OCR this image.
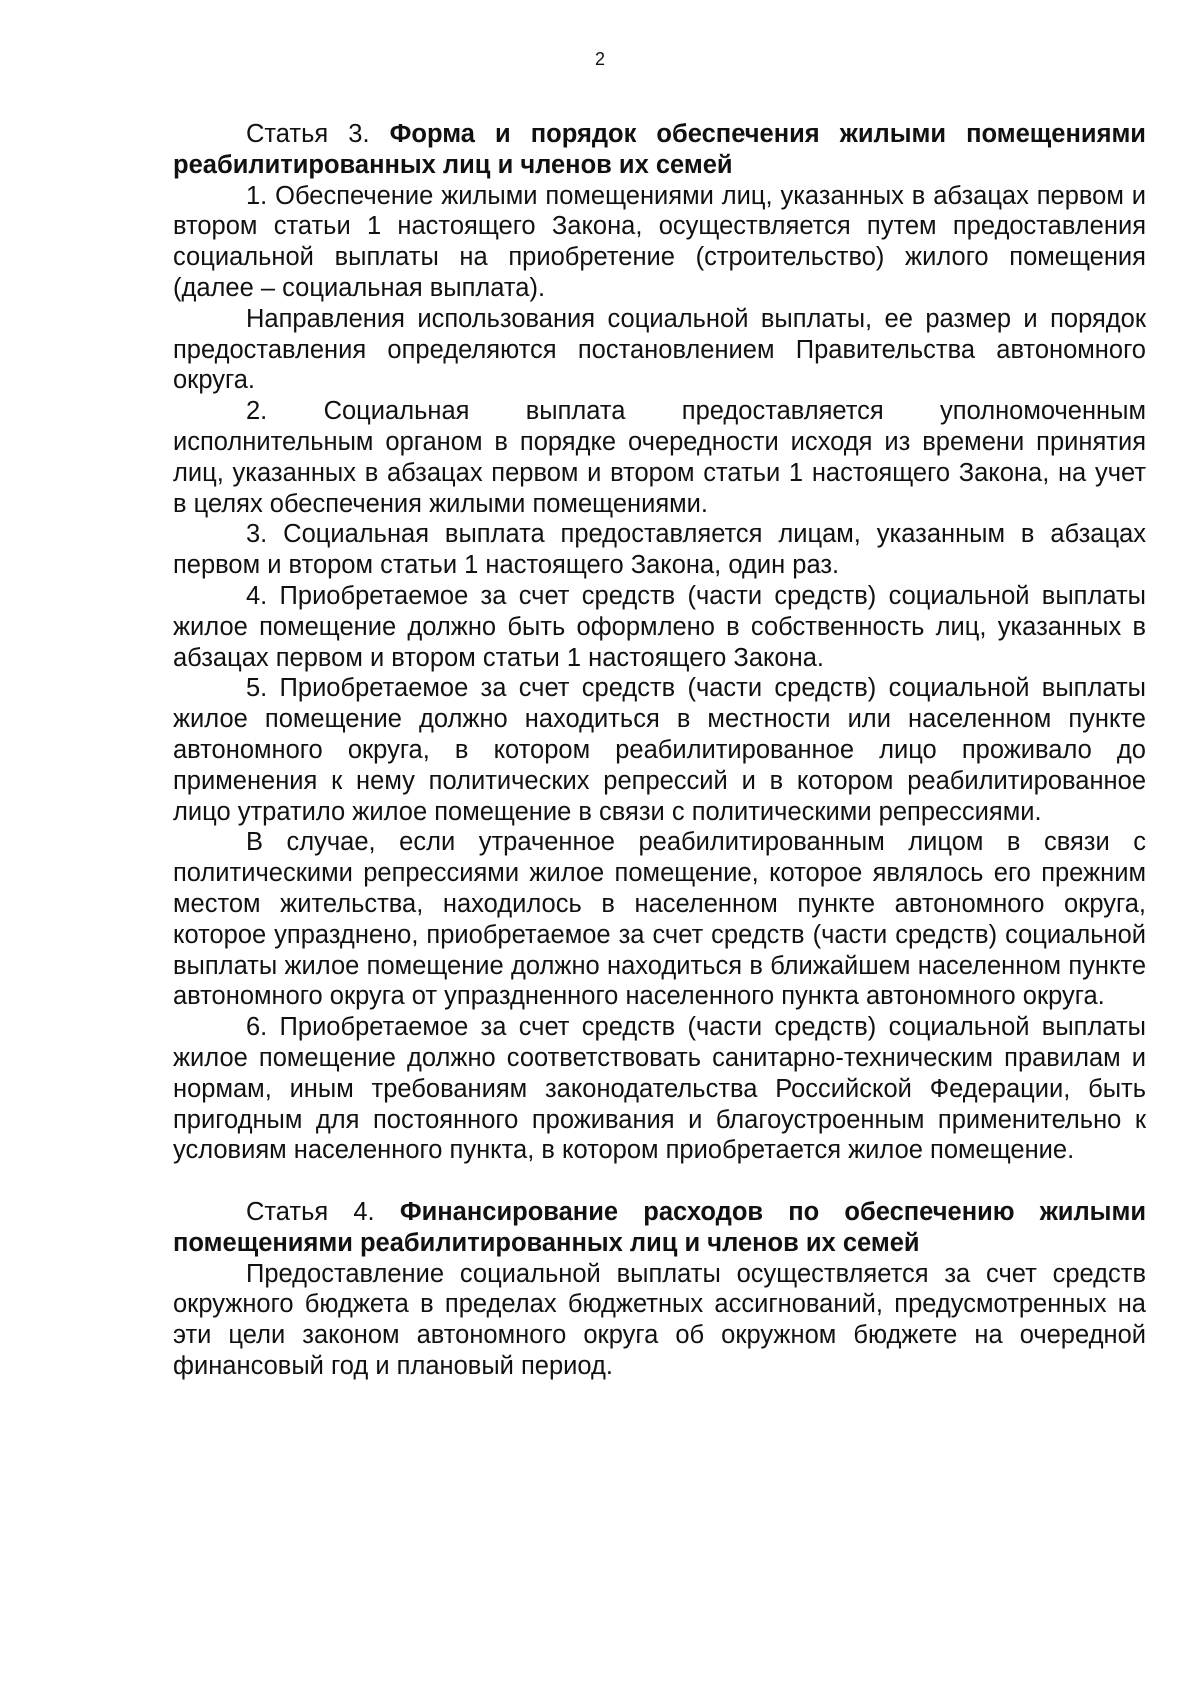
2

Статья 3. Форма и порядок обеспечения жилыми помещениями реабилитированных лиц и членов их семей

1. Обеспечение жилыми помещениями лиц, указанных в абзацах первом и втором статьи 1 настоящего Закона, осуществляется путем предоставления социальной выплаты на приобретение (строительство) жилого помещения (далее – социальная выплата).

Направления использования социальной выплаты, ее размер и порядок предоставления определяются постановлением Правительства автономного округа.

2. Социальная выплата предоставляется уполномоченным исполнительным органом в порядке очередности исходя из времени принятия лиц, указанных в абзацах первом и втором статьи 1 настоящего Закона, на учет в целях обеспечения жилыми помещениями.

3. Социальная выплата предоставляется лицам, указанным в абзацах первом и втором статьи 1 настоящего Закона, один раз.

4. Приобретаемое за счет средств (части средств) социальной выплаты жилое помещение должно быть оформлено в собственность лиц, указанных в абзацах первом и втором статьи 1 настоящего Закона.

5. Приобретаемое за счет средств (части средств) социальной выплаты жилое помещение должно находиться в местности или населенном пункте автономного округа, в котором реабилитированное лицо проживало до применения к нему политических репрессий и в котором реабилитированное лицо утратило жилое помещение в связи с политическими репрессиями.

В случае, если утраченное реабилитированным лицом в связи с политическими репрессиями жилое помещение, которое являлось его прежним местом жительства, находилось в населенном пункте автономного округа, которое упразднено, приобретаемое за счет средств (части средств) социальной выплаты жилое помещение должно находиться в ближайшем населенном пункте автономного округа от упраздненного населенного пункта автономного округа.

6. Приобретаемое за счет средств (части средств) социальной выплаты жилое помещение должно соответствовать санитарно-техническим правилам и нормам, иным требованиям законодательства Российской Федерации, быть пригодным для постоянного проживания и благоустроенным применительно к условиям населенного пункта, в котором приобретается жилое помещение.

Статья 4. Финансирование расходов по обеспечению жилыми помещениями реабилитированных лиц и членов их семей

Предоставление социальной выплаты осуществляется за счет средств окружного бюджета в пределах бюджетных ассигнований, предусмотренных на эти цели законом автономного округа об окружном бюджете на очередной финансовый год и плановый период.
